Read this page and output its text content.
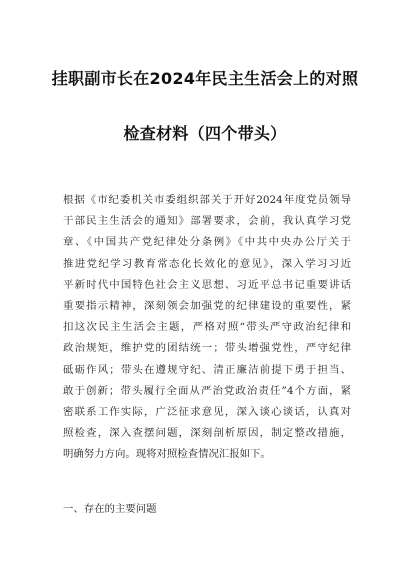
挂职副市长在2024年民主生活会上的对照
检查材料（四个带头）

根据《市纪委机关市委组织部关于开好2024年度党员领导
干部民主生活会的通知》部署要求，会前，我认真学习党
章、《中国共产党纪律处分条例》《中共中央办公厅关于
推进党纪学习教育常态化长效化的意见》，深入学习习近
平新时代中国特色社会主义思想、习近平总书记重要讲话
重要指示精神，深刻领会加强党的纪律建设的重要性，紧
扣这次民主生活会主题，严格对照“带头严守政治纪律和
政治规矩，维护党的团结统一；带头增强党性，严守纪律
砥砺作风；带头在遵规守纪、清正廉洁前提下勇于担当、
敢于创新；带头履行全面从严治党政治责任”4个方面，紧
密联系工作实际，广泛征求意见，深入谈心谈话，认真对
照检查，深入查摆问题，深刻剖析原因，制定整改措施，
明确努力方向。现将对照检查情况汇报如下。

一、存在的主要问题
